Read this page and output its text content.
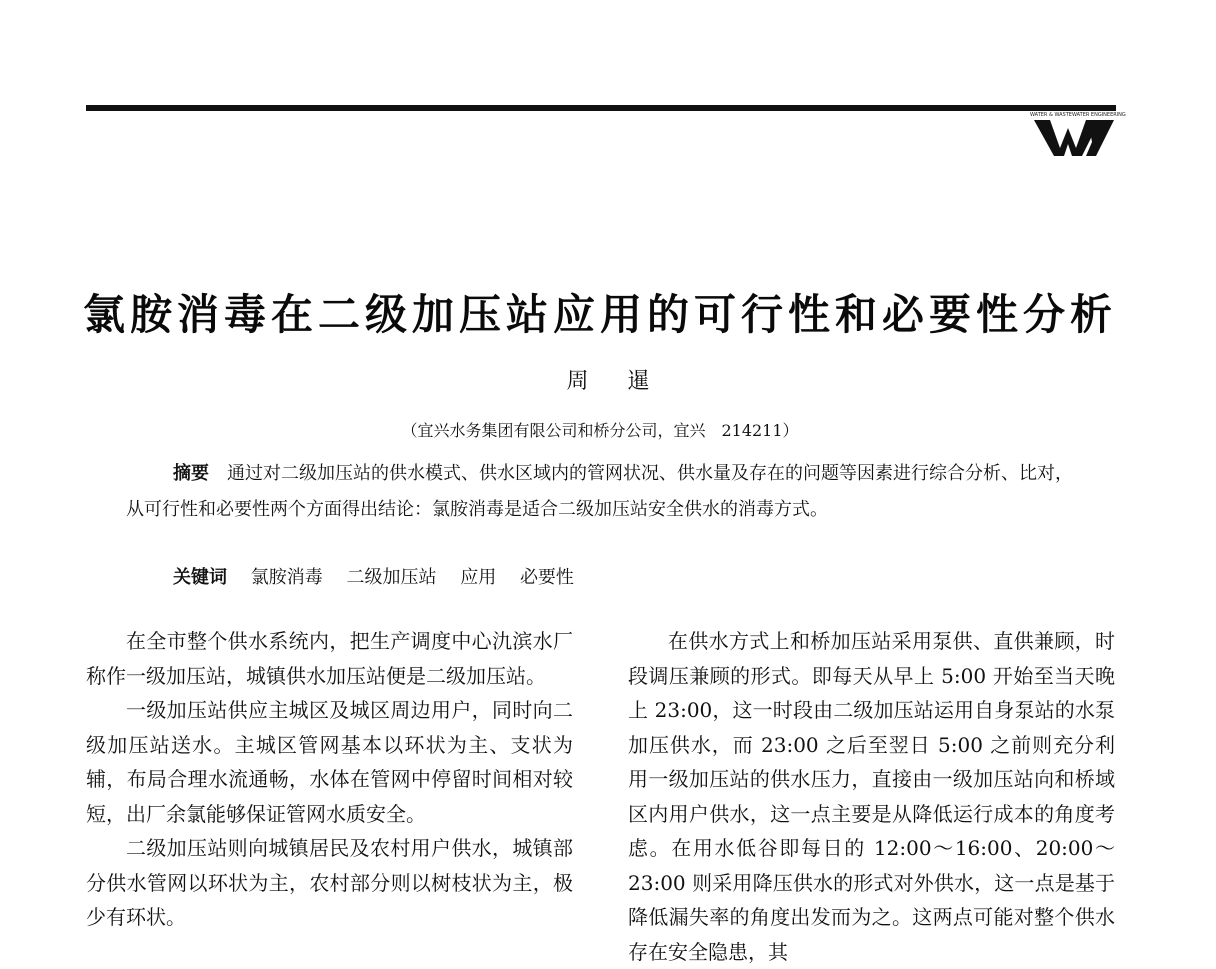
WATER & WASTEWATER ENGINEERING
氯胺消毒在二级加压站应用的可行性和必要性分析
周 暹
（宜兴水务集团有限公司和桥分公司，宜兴　214211）
摘要 通过对二级加压站的供水模式、供水区域内的管网状况、供水量及存在的问题等因素进行综合分析、比对，从可行性和必要性两个方面得出结论：氯胺消毒是适合二级加压站安全供水的消毒方式。
关键词 氯胺消毒 二级加压站 应用 必要性

在全市整个供水系统内，把生产调度中心氿滨水厂称作一级加压站，城镇供水加压站便是二级加压站。

一级加压站供应主城区及城区周边用户，同时向二级加压站送水。主城区管网基本以环状为主、支状为辅，布局合理水流通畅，水体在管网中停留时间相对较短，出厂余氯能够保证管网水质安全。

二级加压站则向城镇居民及农村用户供水，城镇部分供水管网以环状为主，农村部分则以树枝状为主，极少有环状。

在供水方式上和桥加压站采用泵供、直供兼顾，时段调压兼顾的形式。即每天从早上 5:00 开始至当天晚上 23:00，这一时段由二级加压站运用自身泵站的水泵加压供水，而 23:00 之后至翌日 5:00 之前则充分利用一级加压站的供水压力，直接由一级加压站向和桥域区内用户供水，这一点主要是从降低运行成本的角度考虑。在用水低谷即每日的 12:00～16:00、20:00～23:00 则采用降压供水的形式对外供水，这一点是基于降低漏失率的角度出发而为之。这两点可能对整个供水存在安全隐患，其
